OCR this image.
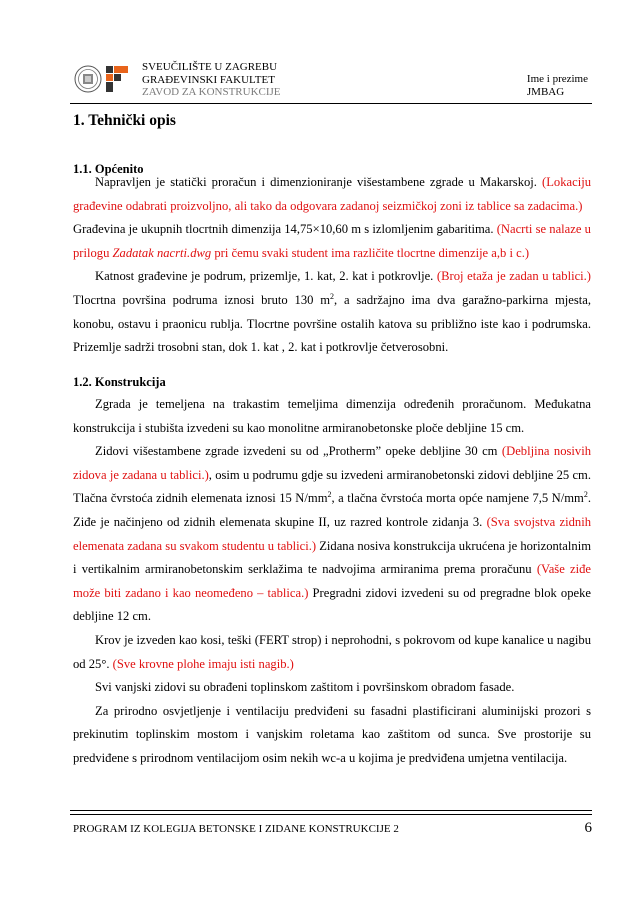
SVEUČILIŠTE U ZAGREBU
GRAĐEVINSKI FAKULTET
ZAVOD ZA KONSTRUKCIJE
Ime i prezime
JMBAG
1. Tehnički opis
1.1. Općenito

Napravljen je statički proračun i dimenzioniranje višestambene zgrade u Makarskoj. (Lokaciju građevine odabrati proizvoljno, ali tako da odgovara zadanoj seizmičkoj zoni iz tablice sa zadacima.)

Građevina je ukupnih tlocrtnih dimenzija 14,75×10,60 m s izlomljenim gabaritima. (Nacrti se nalaze u prilogu Zadatak nacrti.dwg pri čemu svaki student ima različite tlocrtne dimenzije a,b i c.)

Katnost građevine je podrum, prizemlje, 1. kat, 2. kat i potkrovlje. (Broj etaža je zadan u tablici.) Tlocrtna površina podruma iznosi bruto 130 $m^2$, a sadržajno ima dva garažno-parkirna mjesta, konobu, ostavu i praonicu rublja. Tlocrtne površine ostalih katova su približno iste kao i podrumska. Prizemlje sadrži trosobni stan, dok 1. kat , 2. kat i potkrovlje četverosobni.

1.2. Konstrukcija

Zgrada je temeljena na trakastim temeljima dimenzija određenih proračunom. Međukatna konstrukcija i stubišta izvedeni su kao monolitne armiranobetonske ploče debljine 15 cm.

Zidovi višestambene zgrade izvedeni su od „Protherm” opeke debljine 30 cm (Debljina nosivih zidova je zadana u tablici.), osim u podrumu gdje su izvedeni armiranobetonski zidovi debljine 25 cm. Tlačna čvrstoća zidnih elemenata iznosi 15 $N/mm^2$, a tlačna čvrstoća morta opće namjene 7,5 $N/mm^2$. Ziđe je načinjeno od zidnih elemenata skupine II, uz razred kontrole zidanja 3. (Sva svojstva zidnih elemenata zadana su svakom studentu u tablici.) Zidana nosiva konstrukcija ukrućena je horizontalnim i vertikalnim armiranobetonskim serklažima te nadvojima armiranima prema proračunu (Vaše ziđe može biti zadano i kao neomeđeno – tablica.) Pregradni zidovi izvedeni su od pregradne blok opeke debljine 12 cm.

Krov je izveden kao kosi, teški (FERT strop) i neprohodni, s pokrovom od kupe kanalice u nagibu od 25°. (Sve krovne plohe imaju isti nagib.)

Svi vanjski zidovi su obrađeni toplinskom zaštitom i površinskom obradom fasade.

Za prirodno osvjetljenje i ventilaciju predviđeni su fasadni plastificirani aluminijski prozori s prekinutim toplinskim mostom i vanjskim roletama kao zaštitom od sunca. Sve prostorije su predviđene s prirodnom ventilacijom osim nekih wc-a u kojima je predviđena umjetna ventilacija.

PROGRAM IZ KOLEGIJA BETONSKE I ZIDANE KONSTRUKCIJE 2	6
